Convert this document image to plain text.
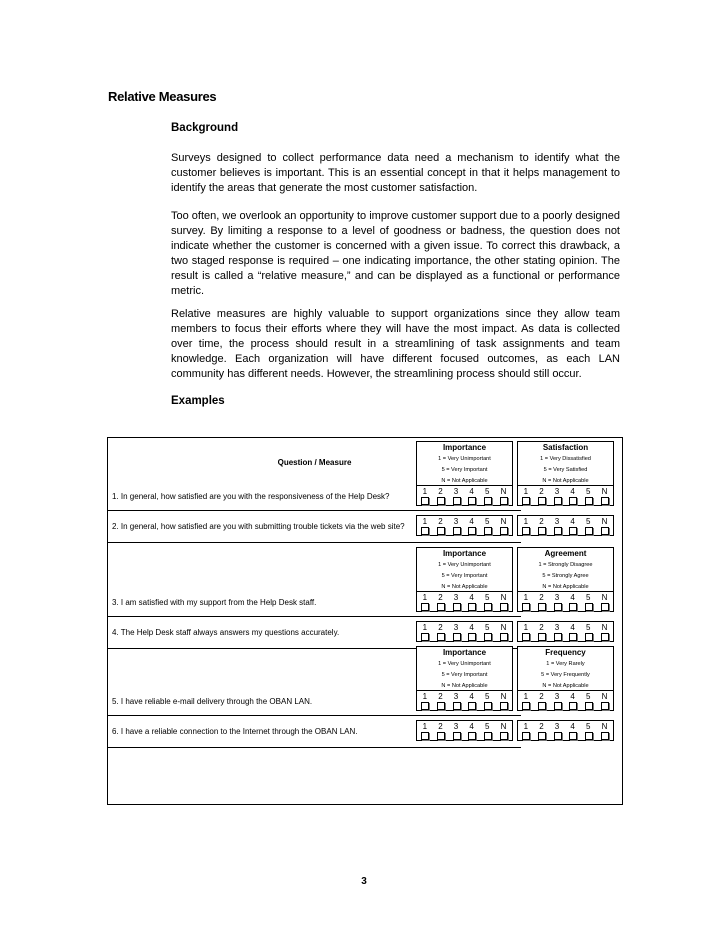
Relative Measures
Background

Surveys designed to collect performance data need a mechanism to identify what the customer believes is important. This is an essential concept in that it helps management to identify the areas that generate the most customer satisfaction.

Too often, we overlook an opportunity to improve customer support due to a poorly designed survey. By limiting a response to a level of goodness or badness, the question does not indicate whether the customer is concerned with a given issue. To correct this drawback, a two staged response is required – one indicating importance, the other stating opinion. The result is called a “relative measure,” and can be displayed as a functional or performance metric.

Relative measures are highly valuable to support organizations since they allow team members to focus their efforts where they will have the most impact. As data is collected over time, the process should result in a streamlining of task assignments and team knowledge. Each organization will have different focused outcomes, as each LAN community has different needs. However, the streamlining process should still occur.

Examples
Question / Measure
Importance
1 = Very Unimportant
5 = Very Important
N = Not Applicable
Satisfaction
1 = Very Dissatisfied
5 = Very Satisfied
N = Not Applicable
1. In general, how satisfied are you with the responsiveness of the Help Desk?
1 2 3 4 5 N 1 2 3 4 5 N
2. In general, how satisfied are you with submitting trouble tickets via the web site?
1 2 3 4 5 N 1 2 3 4 5 N
Importance
1 = Very Unimportant
5 = Very Important
N = Not Applicable
Agreement
1 = Strongly Disagree
5 = Strongly Agree
N = Not Applicable
3. I am satisfied with my support from the Help Desk staff.
1 2 3 4 5 N 1 2 3 4 5 N
4. The Help Desk staff always answers my questions accurately.
1 2 3 4 5 N 1 2 3 4 5 N
Importance
1 = Very Unimportant
5 = Very Important
N = Not Applicable
Frequency
1 = Very Rarely
5 = Very Frequently
N = Not Applicable
5. I have reliable e-mail delivery through the OBAN LAN.
1 2 3 4 5 N 1 2 3 4 5 N
6. I have a reliable connection to the Internet through the OBAN LAN.
1 2 3 4 5 N 1 2 3 4 5 N
3
